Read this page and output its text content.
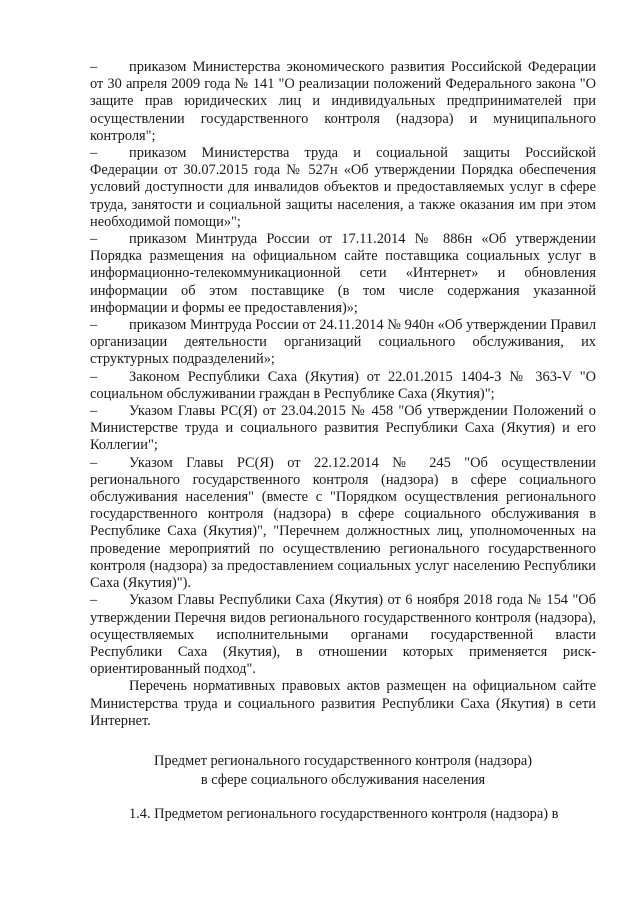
– приказом Министерства экономического развития Российской Федерации от 30 апреля 2009 года № 141 "О реализации положений Федерального закона "О защите прав юридических лиц и индивидуальных предпринимателей при осуществлении государственного контроля (надзора) и муниципального контроля";

– приказом Министерства труда и социальной защиты Российской Федерации от 30.07.2015 года № 527н «Об утверждении Порядка обеспечения условий доступности для инвалидов объектов и предоставляемых услуг в сфере труда, занятости и социальной защиты населения, а также оказания им при этом необходимой помощи»";

– приказом Минтруда России от 17.11.2014 № 886н «Об утверждении Порядка размещения на официальном сайте поставщика социальных услуг в информационно-телекоммуникационной сети «Интернет» и обновления информации об этом поставщике (в том числе содержания указанной информации и формы ее предоставления)»;

– приказом Минтруда России от 24.11.2014 № 940н «Об утверждении Правил организации деятельности организаций социального обслуживания, их структурных подразделений»;

– Законом Республики Саха (Якутия) от 22.01.2015 1404-З № 363-V "О социальном обслуживании граждан в Республике Саха (Якутия)";

– Указом Главы РС(Я) от 23.04.2015 № 458 "Об утверждении Положений о Министерстве труда и социального развития Республики Саха (Якутия) и его Коллегии";

– Указом Главы РС(Я) от 22.12.2014 № 245 "Об осуществлении регионального государственного контроля (надзора) в сфере социального обслуживания населения" (вместе с "Порядком осуществления регионального государственного контроля (надзора) в сфере социального обслуживания в Республике Саха (Якутия)", "Перечнем должностных лиц, уполномоченных на проведение мероприятий по осуществлению регионального государственного контроля (надзора) за предоставлением социальных услуг населению Республики Саха (Якутия)").

– Указом Главы Республики Саха (Якутия) от 6 ноября 2018 года № 154 "Об утверждении Перечня видов регионального государственного контроля (надзора), осуществляемых исполнительными органами государственной власти Республики Саха (Якутия), в отношении которых применяется риск-ориентированный подход".

Перечень нормативных правовых актов размещен на официальном сайте Министерства труда и социального развития Республики Саха (Якутия) в сети Интернет.

Предмет регионального государственного контроля (надзора)

в сфере социального обслуживания населения

1.4. Предметом регионального государственного контроля (надзора) в
